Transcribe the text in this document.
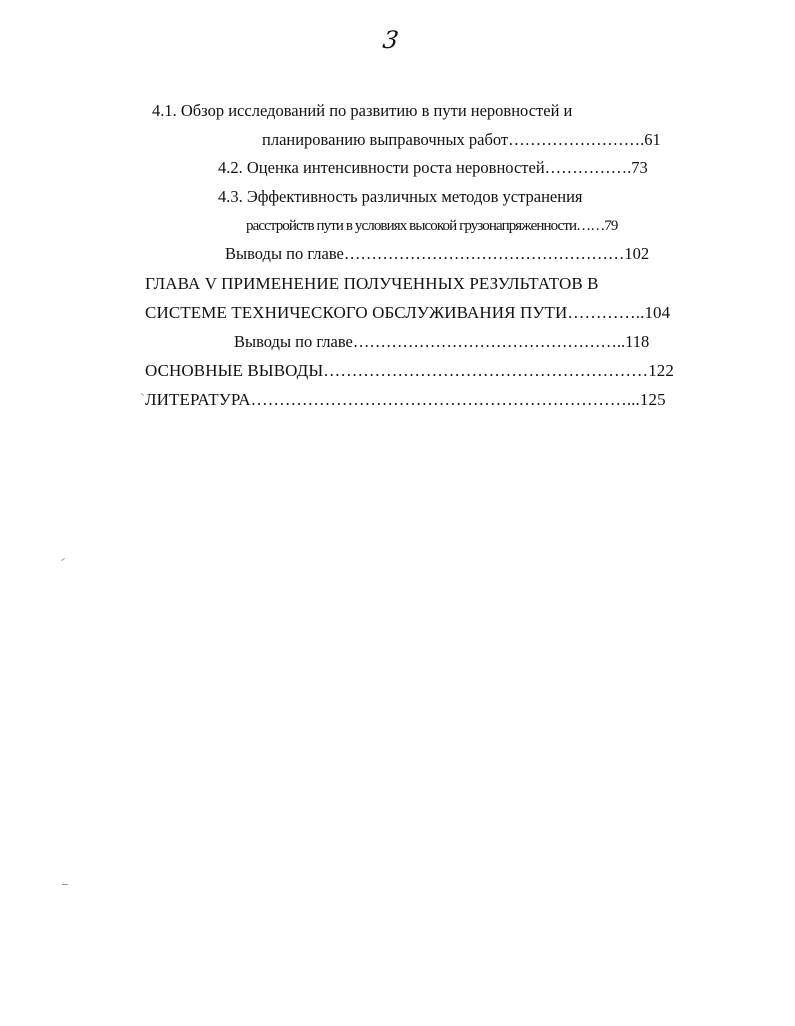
3
4.1. Обзор исследований по развитию в пути неровностей и
планированию выправочных работ…………………….61
4.2. Оценка интенсивности роста неровностей…………….73
4.3. Эффективность различных методов устранения
расстройств пути в условиях высокой грузонапряженности……79
Выводы по главе……………………………………………102
ГЛАВА V ПРИМЕНЕНИЕ ПОЛУЧЕННЫХ РЕЗУЛЬТАТОВ В
СИСТЕМЕ ТЕХНИЧЕСКОГО ОБСЛУЖИВАНИЯ ПУТИ…………..104
Выводы по главе…………………………………………..118
ОСНОВНЫЕ ВЫВОДЫ…………………………………………………122
ЛИТЕРАТУРА…………………………………………………………...125
